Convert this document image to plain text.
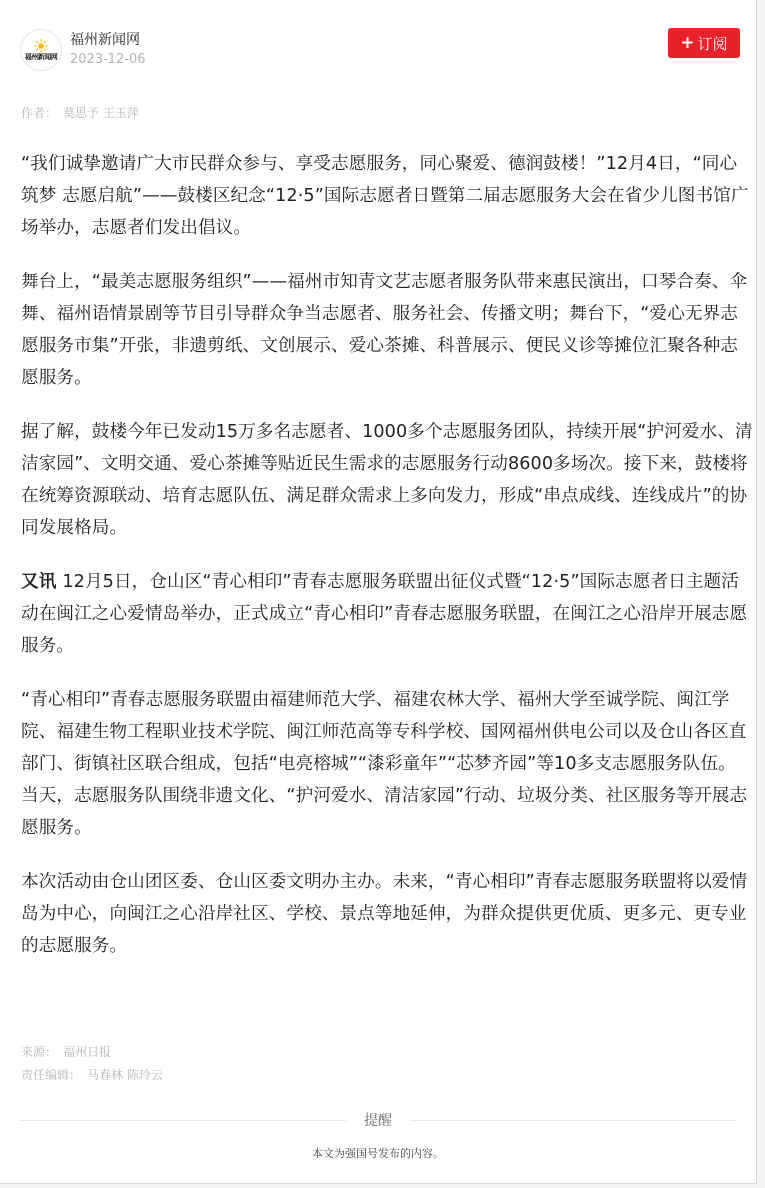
福州新闻网
福州新闻网
2023-12-06
+ 订阅
作者： 莫思予 王玉萍

“我们诚挚邀请广大市民群众参与、享受志愿服务，同心聚爱、德润鼓楼！”12月4日，“同心筑梦 志愿启航”——鼓楼区纪念“12·5”国际志愿者日暨第二届志愿服务大会在省少儿图书馆广场举办，志愿者们发出倡议。

舞台上，“最美志愿服务组织”——福州市知青文艺志愿者服务队带来惠民演出，口琴合奏、伞舞、福州语情景剧等节目引导群众争当志愿者、服务社会、传播文明；舞台下，“爱心无界志愿服务市集”开张，非遗剪纸、文创展示、爱心茶摊、科普展示、便民义诊等摊位汇聚各种志愿服务。

据了解，鼓楼今年已发动15万多名志愿者、1000多个志愿服务团队，持续开展“护河爱水、清洁家园”、文明交通、爱心茶摊等贴近民生需求的志愿服务行动8600多场次。接下来，鼓楼将在统筹资源联动、培育志愿队伍、满足群众需求上多向发力，形成“串点成线、连线成片”的协同发展格局。

又讯 12月5日，仓山区“青心相印”青春志愿服务联盟出征仪式暨“12·5”国际志愿者日主题活动在闽江之心爱情岛举办，正式成立“青心相印”青春志愿服务联盟，在闽江之心沿岸开展志愿服务。

“青心相印”青春志愿服务联盟由福建师范大学、福建农林大学、福州大学至诚学院、闽江学院、福建生物工程职业技术学院、闽江师范高等专科学校、国网福州供电公司以及仓山各区直部门、街镇社区联合组成，包括“电亮榕城”“漆彩童年”“芯梦齐园”等10多支志愿服务队伍。当天，志愿服务队围绕非遗文化、“护河爱水、清洁家园”行动、垃圾分类、社区服务等开展志愿服务。

本次活动由仓山团区委、仓山区委文明办主办。未来，“青心相印”青春志愿服务联盟将以爱情岛为中心，向闽江之心沿岸社区、学校、景点等地延伸，为群众提供更优质、更多元、更专业的志愿服务。

来源： 福州日报
责任编辑： 马春林 陈玲云
提醒
本文为强国号发布的内容。
